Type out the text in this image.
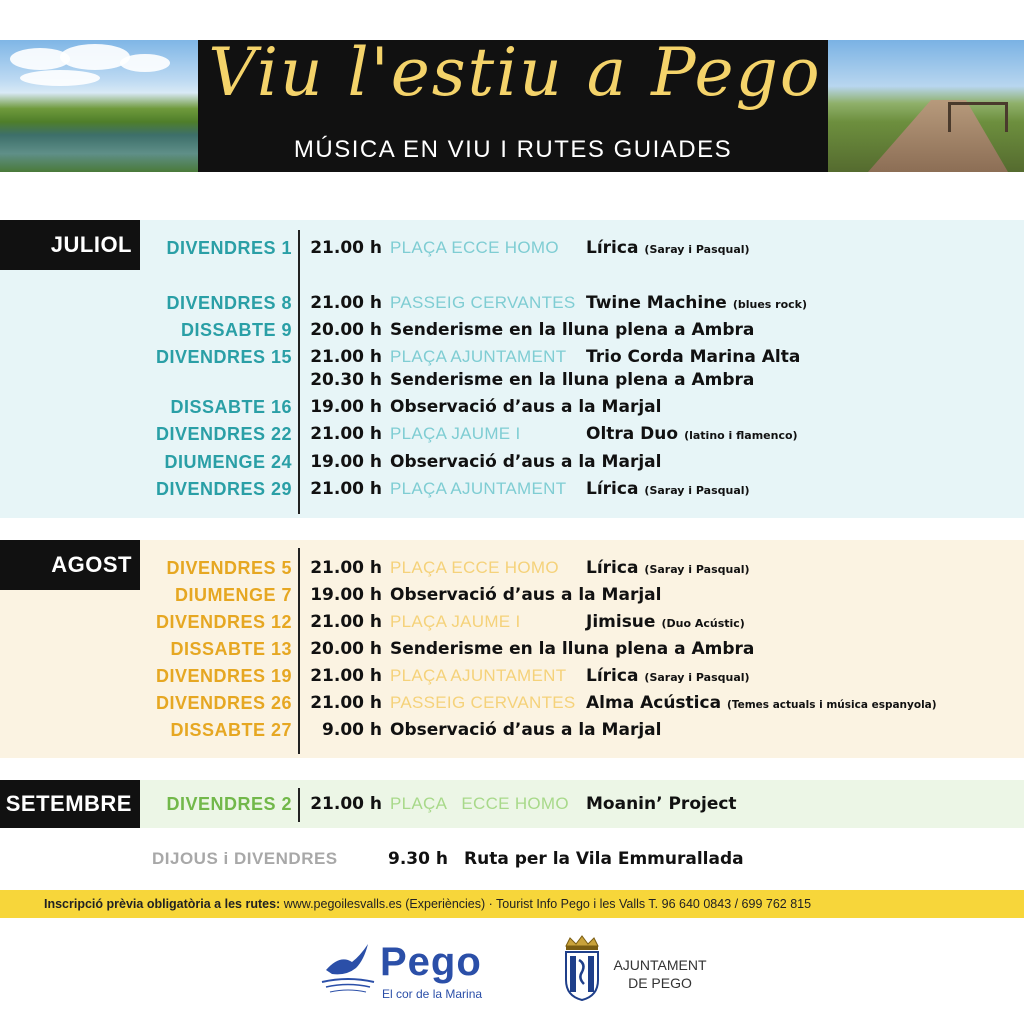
Viu l'estiu a Pego
MÚSICA EN VIU I RUTES GUIADES
JULIOL	DIVENDRES 1 21.00 h PLAÇA ECCE HOMO Lírica (Saray i Pasqual)
DIVENDRES 8 21.00 h PASSEIG CERVANTES Twine Machine (blues rock)
DISSABTE 9 20.00 h Senderisme en la lluna plena a Ambra
DIVENDRES 15 21.00 h PLAÇA AJUNTAMENT Trio Corda Marina Alta
20.30 h Senderisme en la lluna plena a Ambra
DISSABTE 16 19.00 h Observació d’aus a la Marjal
DIVENDRES 22 21.00 h PLAÇA JAUME I	Oltra Duo (latino i flamenco)
DIUMENGE 24 19.00 h Observació d’aus a la Marjal
DIVENDRES 29 21.00 h PLAÇA AJUNTAMENT Lírica (Saray i Pasqual)
AGOST	DIVENDRES 5 21.00 h PLAÇA ECCE HOMO Lírica (Saray i Pasqual)
DIUMENGE 7 19.00 h Observació d’aus a la Marjal
DIVENDRES 12 21.00 h PLAÇA JAUME I	Jimisue (Duo Acústic)
DISSABTE 13 20.00 h Senderisme en la lluna plena a Ambra
DIVENDRES 19 21.00 h PLAÇA AJUNTAMENT Lírica (Saray i Pasqual)
DIVENDRES 26 21.00 h PASSEIG CERVANTES Alma Acústica (Temes actuals i música espanyola)
DISSABTE 27 9.00 h Observació d’aus a la Marjal
SETEMBRE	DIVENDRES 2 21.00 h PLAÇA   ECCE HOMO Moanin’ Project
DIJOUS i DIVENDRES	9.30 h Ruta per la Vila Emmurallada
Inscripció prèvia obligatòria a les rutes: www.pegoilesvalls.es (Experiències) · Tourist Info Pego i les Valls T. 96 640 0843 / 699 762 815
Pego
El cor de la Marina
AJUNTAMENT
DE PEGO
